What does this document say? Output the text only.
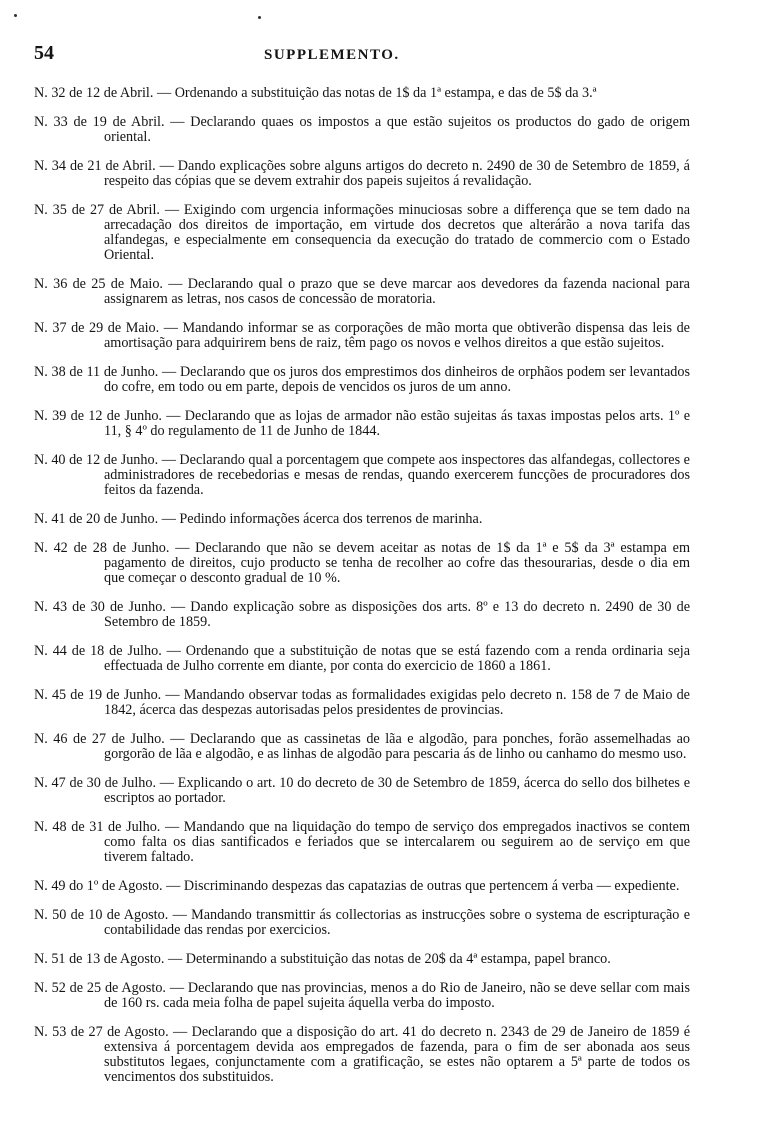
54	SUPPLEMENTO.

N. 32 de 12 de Abril. — Ordenando a substituição das notas de 1$ da 1ª estampa, e das de 5$ da 3.ª

N. 33 de 19 de Abril. — Declarando quaes os impostos a que estão sujeitos os productos do gado de origem oriental.

N. 34 de 21 de Abril. — Dando explicações sobre alguns artigos do decreto n. 2490 de 30 de Setembro de 1859, á respeito das cópias que se devem extrahir dos papeis sujeitos á revalidação.

N. 35 de 27 de Abril. — Exigindo com urgencia informações minuciosas sobre a differença que se tem dado na arrecadação dos direitos de importação, em virtude dos decretos que alterárão a nova tarifa das alfandegas, e especialmente em consequencia da execução do tratado de commercio com o Estado Oriental.

N. 36 de 25 de Maio. — Declarando qual o prazo que se deve marcar aos devedores da fazenda nacional para assignarem as letras, nos casos de concessão de moratoria.

N. 37 de 29 de Maio. — Mandando informar se as corporações de mão morta que obtiverão dispensa das leis de amortisação para adquirirem bens de raiz, têm pago os novos e velhos direitos a que estão sujeitos.

N. 38 de 11 de Junho. — Declarando que os juros dos emprestimos dos dinheiros de orphãos podem ser levantados do cofre, em todo ou em parte, depois de vencidos os juros de um anno.

N. 39 de 12 de Junho. — Declarando que as lojas de armador não estão sujeitas ás taxas impostas pelos arts. 1º e 11, § 4º do regulamento de 11 de Junho de 1844.

N. 40 de 12 de Junho. — Declarando qual a porcentagem que compete aos inspectores das alfandegas, collectores e administradores de recebedorias e mesas de rendas, quando exercerem funcções de procuradores dos feitos da fazenda.

N. 41 de 20 de Junho. — Pedindo informações ácerca dos terrenos de marinha.

N. 42 de 28 de Junho. — Declarando que não se devem aceitar as notas de 1$ da 1ª e 5$ da 3ª estampa em pagamento de direitos, cujo producto se tenha de recolher ao cofre das thesourarias, desde o dia em que começar o desconto gradual de 10 %.

N. 43 de 30 de Junho. — Dando explicação sobre as disposições dos arts. 8º e 13 do decreto n. 2490 de 30 de Setembro de 1859.

N. 44 de 18 de Julho. — Ordenando que a substituição de notas que se está fazendo com a renda ordinaria seja effectuada de Julho corrente em diante, por conta do exercicio de 1860 a 1861.

N. 45 de 19 de Junho. — Mandando observar todas as formalidades exigidas pelo decreto n. 158 de 7 de Maio de 1842, ácerca das despezas autorisadas pelos presidentes de provincias.

N. 46 de 27 de Julho. — Declarando que as cassinetas de lãa e algodão, para ponches, forão assemelhadas ao gorgorão de lãa e algodão, e as linhas de algodão para pescaria ás de linho ou canhamo do mesmo uso.

N. 47 de 30 de Julho. — Explicando o art. 10 do decreto de 30 de Setembro de 1859, ácerca do sello dos bilhetes e escriptos ao portador.

N. 48 de 31 de Julho. — Mandando que na liquidação do tempo de serviço dos empregados inactivos se contem como falta os dias santificados e feriados que se intercalarem ou seguirem ao de serviço em que tiverem faltado.

N. 49 do 1º de Agosto. — Discriminando despezas das capatazias de outras que pertencem á verba — expediente.

N. 50 de 10 de Agosto. — Mandando transmittir ás collectorias as instrucções sobre o systema de escripturação e contabilidade das rendas por exercicios.

N. 51 de 13 de Agosto. — Determinando a substituição das notas de 20$ da 4ª estampa, papel branco.

N. 52 de 25 de Agosto. — Declarando que nas provincias, menos a do Rio de Janeiro, não se deve sellar com mais de 160 rs. cada meia folha de papel sujeita áquella verba do imposto.

N. 53 de 27 de Agosto. — Declarando que a disposição do art. 41 do decreto n. 2343 de 29 de Janeiro de 1859 é extensiva á porcentagem devida aos empregados de fazenda, para o fim de ser abonada aos seus substitutos legaes, conjunctamente com a gratificação, se estes não optarem a 5ª parte de todos os vencimentos dos substituidos.
